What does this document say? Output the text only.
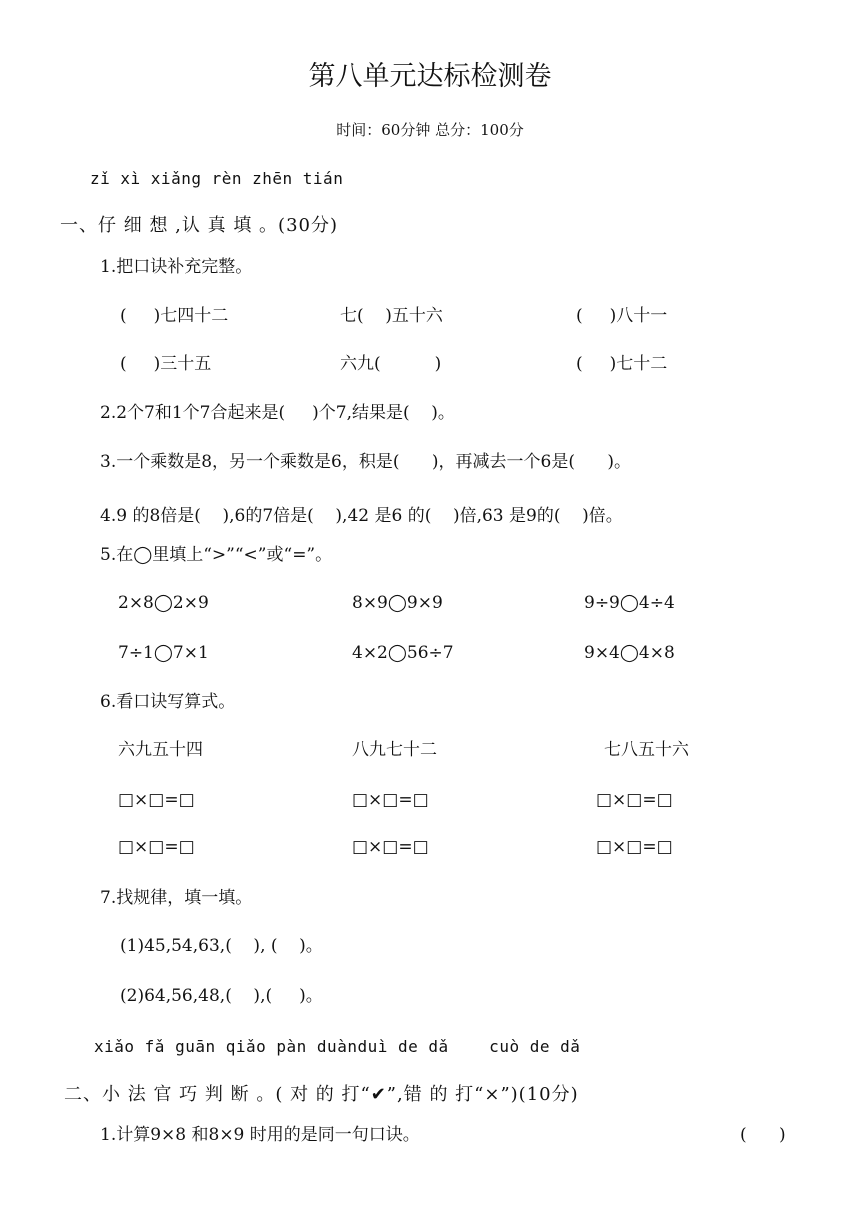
第八单元达标检测卷
时间：60分钟 总分：100分
zǐ xì xiǎng rèn zhēn tián
一、仔 细 想 ,认 真 填 。(30分)
1.把口诀补充完整。
(     )七四十二	七(    )五十六	(     )八十一
(     )三十五	六九(          )	(     )七十二
2.2个7和1个7合起来是(     )个7,结果是(    )。
3.一个乘数是8，另一个乘数是6，积是(      )，再减去一个6是(      )。
4.9 的8倍是(    ),6的7倍是(    ),42 是6 的(    )倍,63 是9的(    )倍。
5.在◯里填上“>”“<”或“=”。
2×8◯2×9	8×9◯9×9	9÷9◯4÷4
7÷1◯7×1	4×2◯56÷7	9×4◯4×8
6.看口诀写算式。
六九五十四	八九七十二	七八五十六
□×□=□	□×□=□	□×□=□
□×□=□	□×□=□	□×□=□
7.找规律，填一填。
(1)45,54,63,(    ), (    )。
(2)64,56,48,(    ),(     )。
xiǎo fǎ guān qiǎo pàn duànduì de dǎ    cuò de dǎ
二、小 法 官 巧 判 断 。( 对 的 打“✔”,错 的 打“×”)(10分)
1.计算9×8 和8×9 时用的是同一句口诀。	(      )
